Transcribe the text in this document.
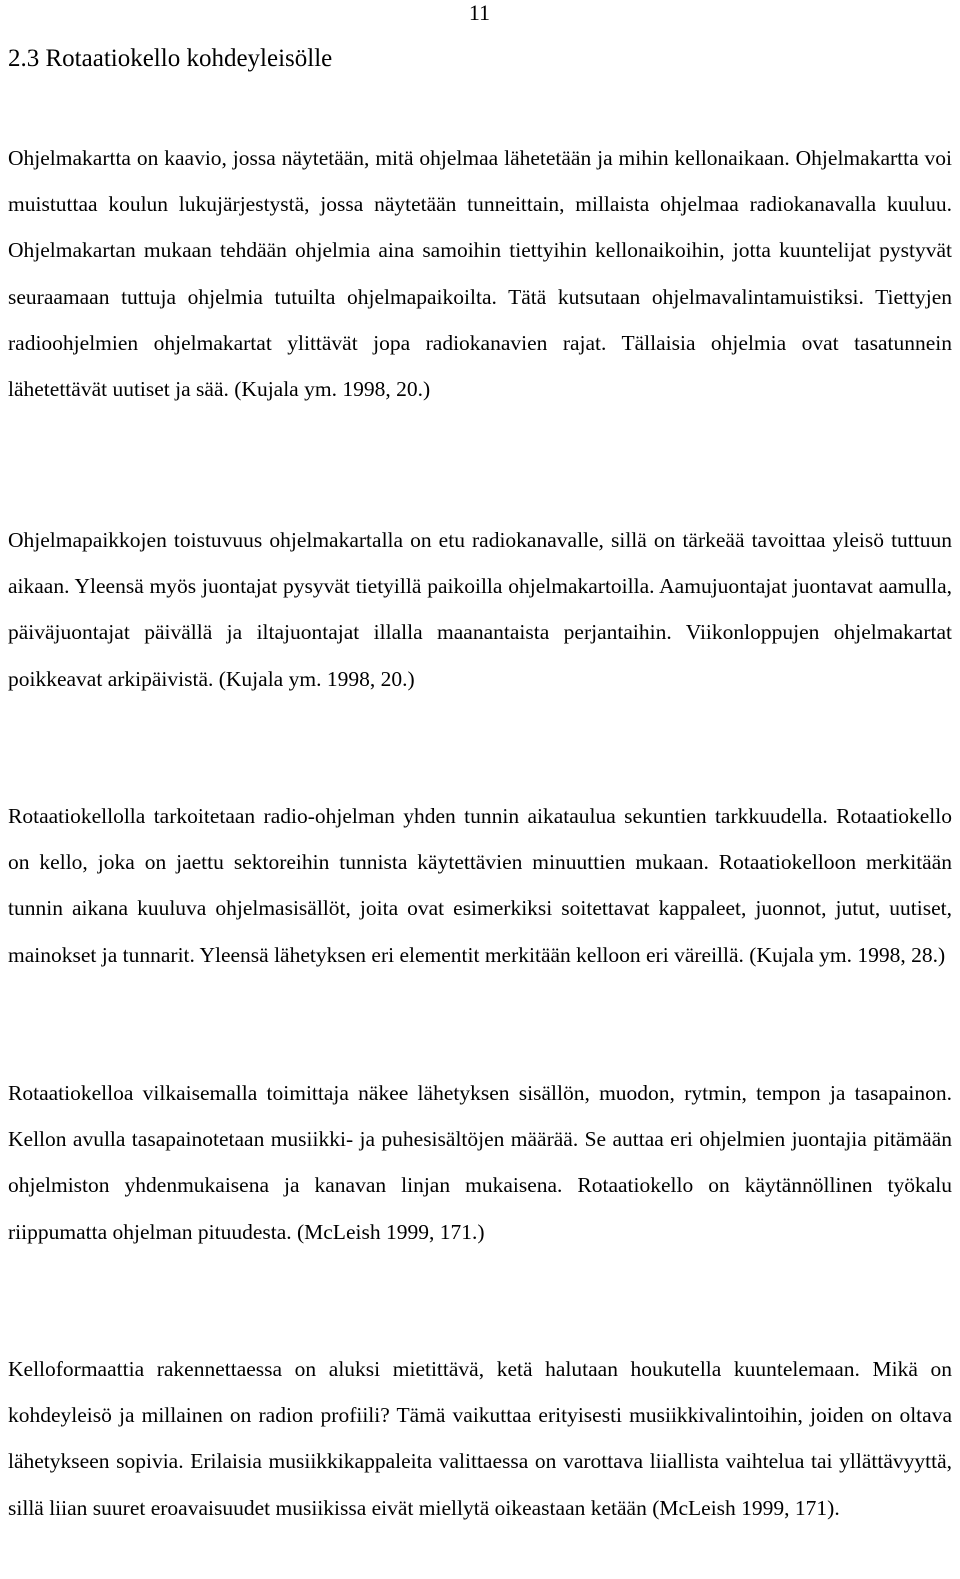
11
2.3 Rotaatiokello kohdeyleisölle

Ohjelmakartta on kaavio, jossa näytetään, mitä ohjelmaa lähetetään ja mihin kellonaikaan. Ohjelmakartta voi muistuttaa koulun lukujärjestystä, jossa näytetään tunneittain, millaista ohjelmaa radiokanavalla kuuluu. Ohjelmakartan mukaan tehdään ohjelmia aina samoihin tiettyihin kellonaikoihin, jotta kuuntelijat pystyvät seuraamaan tuttuja ohjelmia tutuilta ohjelmapaikoilta. Tätä kutsutaan ohjelmavalintamuistiksi. Tiettyjen radioohjelmien ohjelmakartat ylittävät jopa radiokanavien rajat. Tällaisia ohjelmia ovat tasatunnein lähetettävät uutiset ja sää. (Kujala ym. 1998, 20.)

Ohjelmapaikkojen toistuvuus ohjelmakartalla on etu radiokanavalle, sillä on tärkeää tavoittaa yleisö tuttuun aikaan. Yleensä myös juontajat pysyvät tietyillä paikoilla ohjelmakartoilla. Aamujuontajat juontavat aamulla, päiväjuontajat päivällä ja iltajuontajat illalla maanantaista perjantaihin. Viikonloppujen ohjelmakartat poikkeavat arkipäivistä. (Kujala ym. 1998, 20.)

Rotaatiokellolla tarkoitetaan radio-ohjelman yhden tunnin aikataulua sekuntien tarkkuudella. Rotaatiokello on kello, joka on jaettu sektoreihin tunnista käytettävien minuuttien mukaan. Rotaatiokelloon merkitään tunnin aikana kuuluva ohjelmasisällöt, joita ovat esimerkiksi soitettavat kappaleet, juonnot, jutut, uutiset, mainokset ja tunnarit. Yleensä lähetyksen eri elementit merkitään kelloon eri väreillä. (Kujala ym. 1998, 28.)

Rotaatiokelloa vilkaisemalla toimittaja näkee lähetyksen sisällön, muodon, rytmin, tempon ja tasapainon. Kellon avulla tasapainotetaan musiikki- ja puhesisältöjen määrää. Se auttaa eri ohjelmien juontajia pitämään ohjelmiston yhdenmukaisena ja kanavan linjan mukaisena. Rotaatiokello on käytännöllinen työkalu riippumatta ohjelman pituudesta. (McLeish 1999, 171.)

Kelloformaattia rakennettaessa on aluksi mietittävä, ketä halutaan houkutella kuuntelemaan. Mikä on kohdeyleisö ja millainen on radion profiili? Tämä vaikuttaa erityisesti musiikkivalintoihin, joiden on oltava lähetykseen sopivia. Erilaisia musiikkikappaleita valittaessa on varottava liiallista vaihtelua tai yllättävyyttä, sillä liian suuret eroavaisuudet musiikissa eivät miellytä oikeastaan ketään (McLeish 1999, 171).
